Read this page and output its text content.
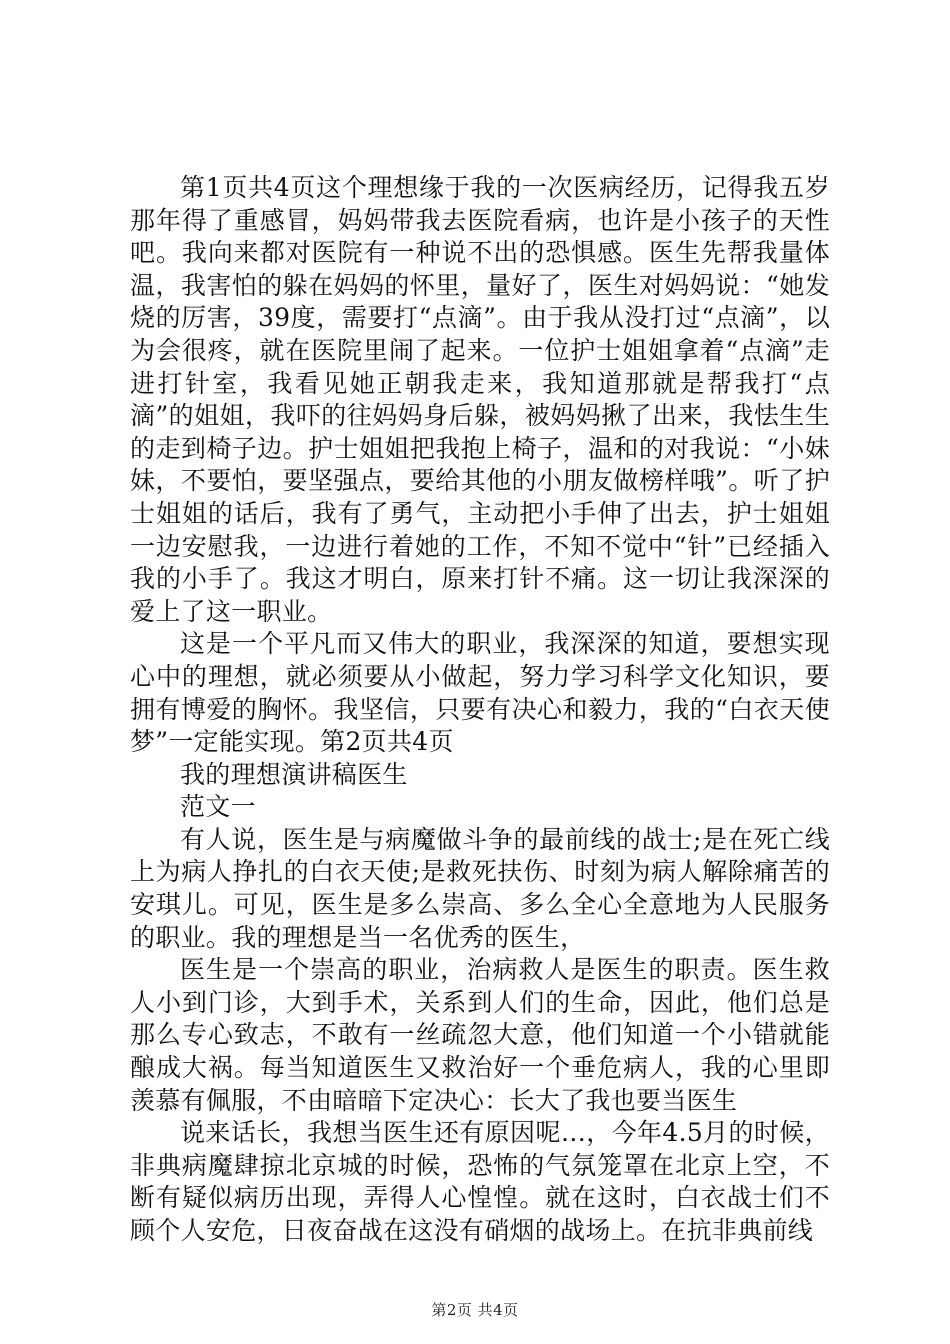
第1页共4页这个理想缘于我的一次医病经历，记得我五岁那年得了重感冒，妈妈带我去医院看病，也许是小孩子的天性吧。我向来都对医院有一种说不出的恐惧感。医生先帮我量体温，我害怕的躲在妈妈的怀里，量好了，医生对妈妈说：“她发烧的厉害，39度，需要打“点滴”。由于我从没打过“点滴”，以为会很疼，就在医院里闹了起来。一位护士姐姐拿着“点滴”走进打针室，我看见她正朝我走来，我知道那就是帮我打“点滴”的姐姐，我吓的往妈妈身后躲，被妈妈揪了出来，我怯生生的走到椅子边。护士姐姐把我抱上椅子，温和的对我说：“小妹妹，不要怕，要坚强点，要给其他的小朋友做榜样哦”。听了护士姐姐的话后，我有了勇气，主动把小手伸了出去，护士姐姐一边安慰我，一边进行着她的工作，不知不觉中“针”已经插入我的小手了。我这才明白，原来打针不痛。这一切让我深深的爱上了这一职业。

这是一个平凡而又伟大的职业，我深深的知道，要想实现心中的理想，就必须要从小做起，努力学习科学文化知识，要拥有博爱的胸怀。我坚信，只要有决心和毅力，我的“白衣天使梦”一定能实现。第2页共4页

我的理想演讲稿医生

范文一

有人说，医生是与病魔做斗争的最前线的战士;是在死亡线上为病人挣扎的白衣天使;是救死扶伤、时刻为病人解除痛苦的安琪儿。可见，医生是多么崇高、多么全心全意地为人民服务的职业。我的理想是当一名优秀的医生，

医生是一个崇高的职业，治病救人是医生的职责。医生救人小到门诊，大到手术，关系到人们的生命，因此，他们总是那么专心致志，不敢有一丝疏忽大意，他们知道一个小错就能酿成大祸。每当知道医生又救治好一个垂危病人，我的心里即羡慕有佩服，不由暗暗下定决心：长大了我也要当医生

说来话长，我想当医生还有原因呢…，今年4.5月的时候，非典病魔肆掠北京城的时候，恐怖的气氛笼罩在北京上空，不断有疑似病历出现，弄得人心惶惶。就在这时，白衣战士们不顾个人安危，日夜奋战在这没有硝烟的战场上。在抗非典前线

第2页 共4页
